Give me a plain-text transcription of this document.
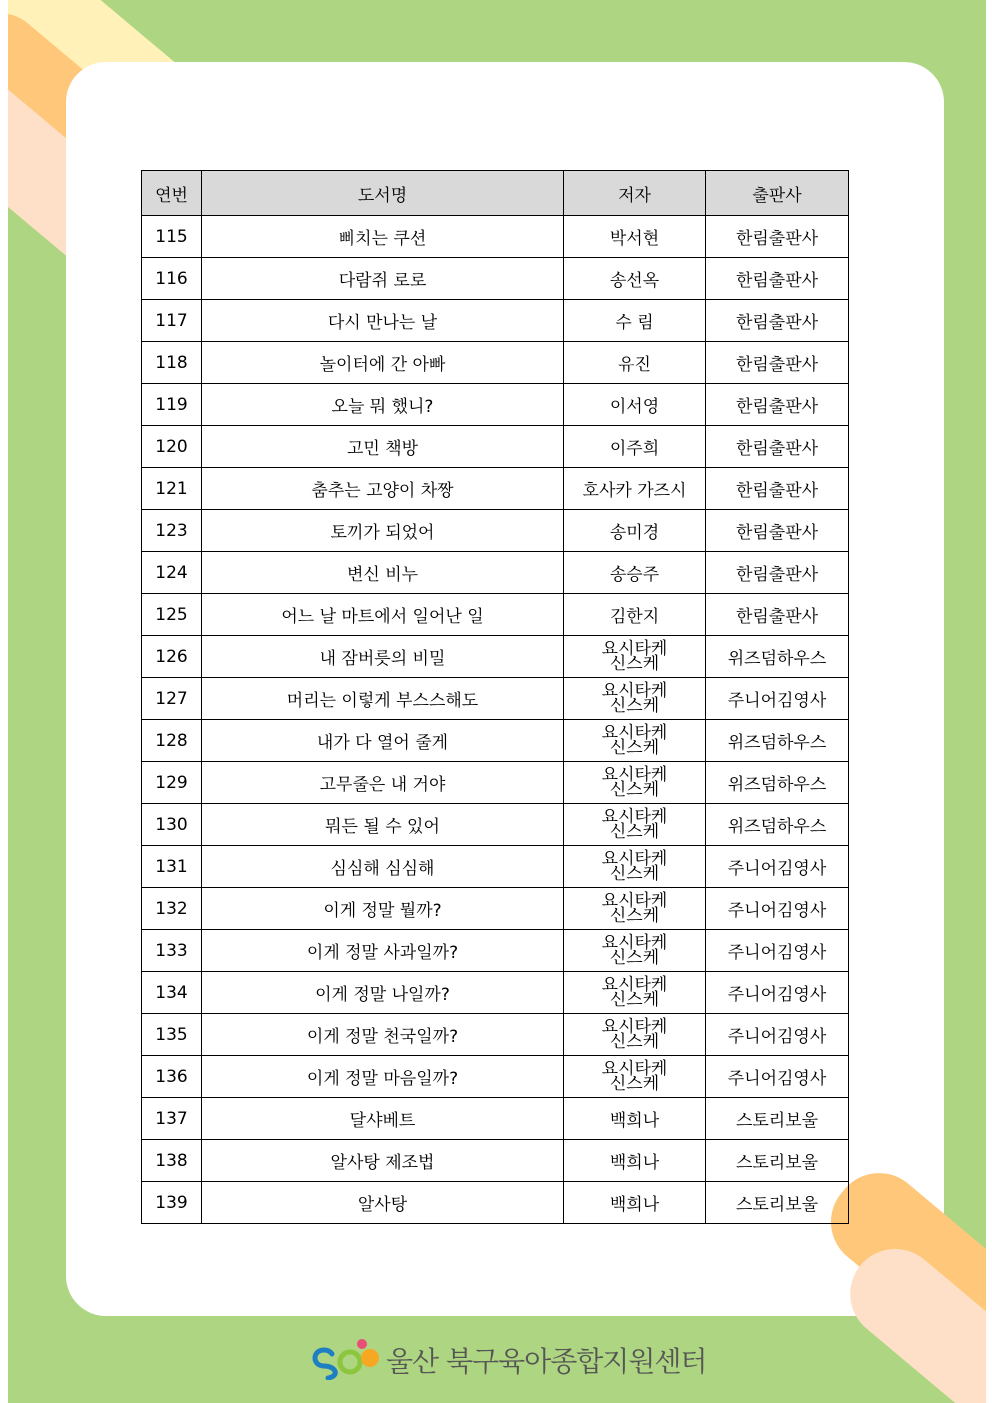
연번	도서명	저자	출판사
115	삐치는 쿠션	박서현	한림출판사
116	다람쥐 로로	송선옥	한림출판사
117	다시 만나는 날	수 림	한림출판사
118	놀이터에 간 아빠	유진	한림출판사
119	오늘 뭐 했니?	이서영	한림출판사
120	고민 책방	이주희	한림출판사
121	춤추는 고양이 차짱	호사카 가즈시	한림출판사
123	토끼가 되었어	송미경	한림출판사
124	변신 비누	송승주	한림출판사
125	어느 날 마트에서 일어난 일	김한지	한림출판사
126	내 잠버릇의 비밀	요시타케 신스케	위즈덤하우스
127	머리는 이렇게 부스스해도	요시타케 신스케	주니어김영사
128	내가 다 열어 줄게	요시타케 신스케	위즈덤하우스
129	고무줄은 내 거야	요시타케 신스케	위즈덤하우스
130	뭐든 될 수 있어	요시타케 신스케	위즈덤하우스
131	심심해 심심해	요시타케 신스케	주니어김영사
132	이게 정말 뭘까?	요시타케 신스케	주니어김영사
133	이게 정말 사과일까?	요시타케 신스케	주니어김영사
134	이게 정말 나일까?	요시타케 신스케	주니어김영사
135	이게 정말 천국일까?	요시타케 신스케	주니어김영사
136	이게 정말 마음일까?	요시타케 신스케	주니어김영사
137	달샤베트	백희나	스토리보울
138	알사탕 제조법	백희나	스토리보울
139	알사탕	백희나	스토리보울
울산 북구육아종합지원센터
